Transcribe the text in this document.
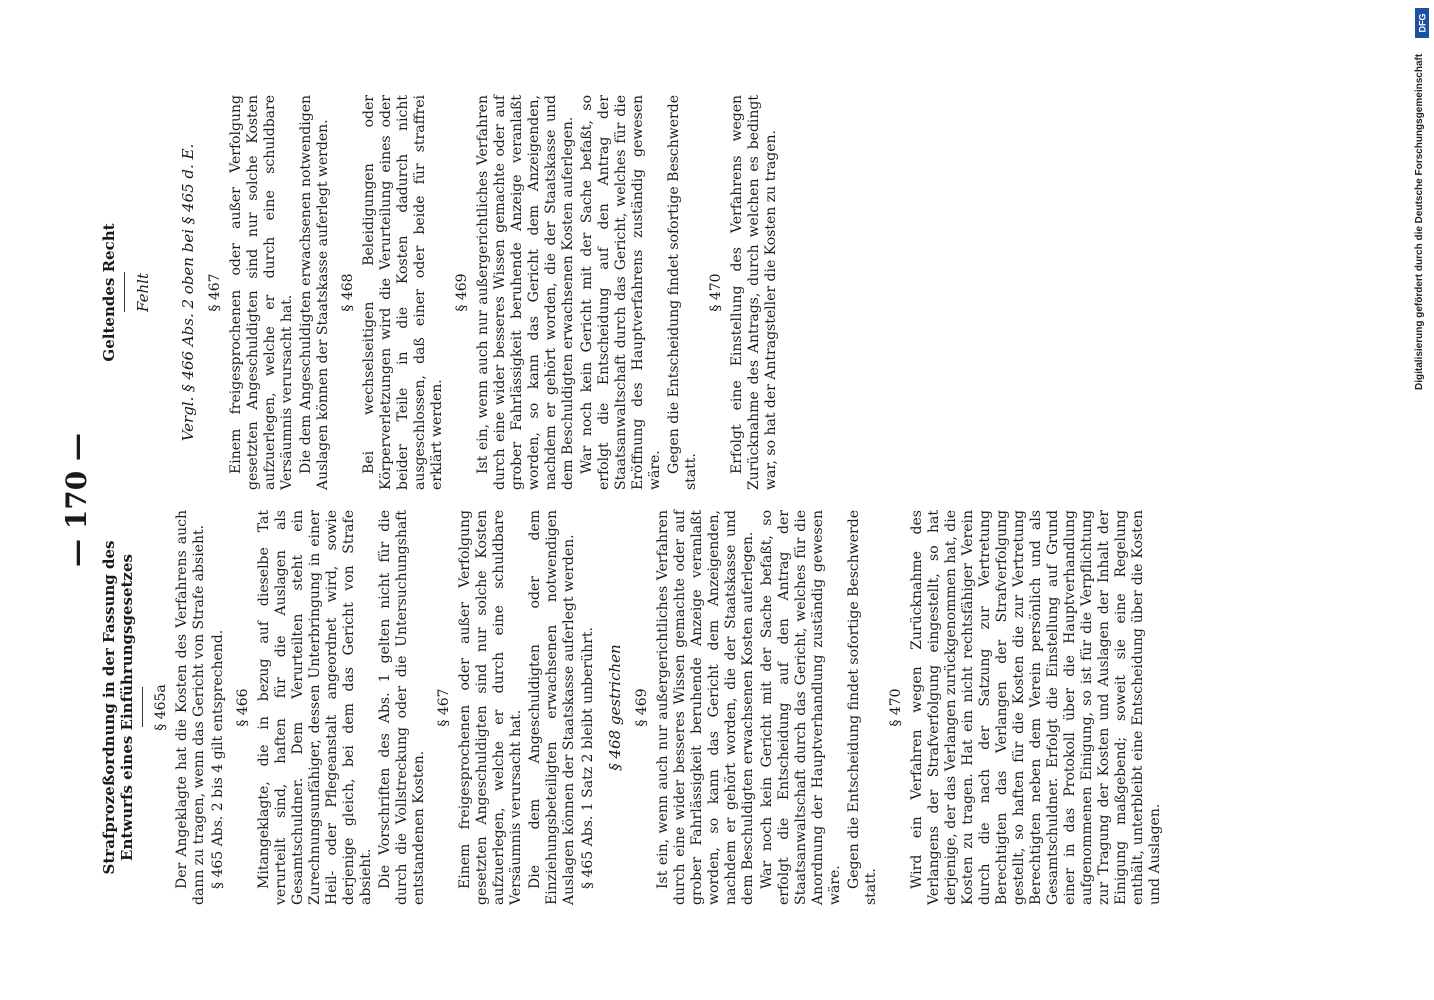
— 170 —
Strafprozeßordnung in der Fassung des Entwurfs eines Einführungsgesetzes § 465a Der Angeklagte hat die Kosten des Verfahrens auch dann zu tragen, wenn das Gericht von Strafe absieht. § 465 Abs. 2 bis 4 gilt entsprechend. § 466 Mitangeklagte, die in bezug auf dieselbe Tat verurteilt sind, haften für die Auslagen als Gesamtschuldner. Dem Verurteilten steht ein Zurechnungsunfähiger, dessen Unterbringung in einer Heil- oder Pflegeanstalt angeordnet wird, sowie derjenige gleich, bei dem das Gericht von Strafe absieht. Die Vorschriften des Abs. 1 gelten nicht für die durch die Vollstreckung oder die Untersuchungshaft entstandenen Kosten.

§ 467 Einem freigesprochenen oder außer Verfolgung gesetzten Angeschuldigten sind nur solche Kosten aufzuerlegen, welche er durch eine schuldbare Versäumnis verursacht hat. Die dem Angeschuldigten oder dem Einziehungsbeteiligten erwachsenen notwendigen Auslagen können der Staatskasse auferlegt werden. § 465 Abs. 1 Satz 2 bleibt unberührt. § 468 gestrichen § 469 Ist ein, wenn auch nur außergerichtliches Verfahren durch eine wider besseres Wissen gemachte oder auf grober Fahrlässigkeit beruhende Anzeige veranlaßt worden, so kann das Gericht dem Anzeigenden, nachdem er gehört worden, die der Staatskasse und dem Beschuldigten erwachsenen Kosten auferlegen. War noch kein Gericht mit der Sache befaßt, so erfolgt die Entscheidung auf den Antrag der Staatsanwaltschaft durch das Gericht, welches für die Anordnung der Hauptverhandlung zuständig gewesen wäre. Gegen die Entscheidung findet sofortige Beschwerde statt.

§ 470 Wird ein Verfahren wegen Zurücknahme des Verlangens der Strafverfolgung eingestellt, so hat derjenige, der das Verlangen zurückgenommen hat, die Kosten zu tragen. Hat ein nicht rechtsfähiger Verein durch die nach der Satzung zur Vertretung Berechtigten das Verlangen der Strafverfolgung gestellt, so haften für die Kosten die zur Vertretung Berechtigten neben dem Verein persönlich und als Gesamtschuldner. Erfolgt die Einstellung auf Grund einer in das Protokoll über die Hauptverhandlung aufgenommenen Einigung, so ist für die Verpflichtung zur Tragung der Kosten und Auslagen der Inhalt der Einigung maßgebend; soweit sie eine Regelung enthält, unterbleibt eine Entscheidung über die Kosten und Auslagen.

Geltendes Recht Fehlt Vergl. § 466 Abs. 2 oben bei § 465 d. E. § 467 Einem freigesprochenen oder außer Verfolgung gesetzten Angeschuldigten sind nur solche Kosten aufzuerlegen, welche er durch eine schuldbare Versäumnis verursacht hat. Die dem Angeschuldigten erwachsenen notwendigen Auslagen können der Staatskasse auferlegt werden. § 468 Bei wechselseitigen Beleidigungen oder Körperverletzungen wird die Verurteilung eines oder beider Teile in die Kosten dadurch nicht ausgeschlossen, daß einer oder beide für straffrei erklärt werden.

§ 469 Ist ein, wenn auch nur außergerichtliches Verfahren durch eine wider besseres Wissen gemachte oder auf grober Fahrlässigkeit beruhende Anzeige veranlaßt worden, so kann das Gericht dem Anzeigenden, nachdem er gehört worden, die der Staatskasse und dem Beschuldigten erwachsenen Kosten auferlegen. War noch kein Gericht mit der Sache befaßt, so erfolgt die Entscheidung auf den Antrag der Staatsanwaltschaft durch das Gericht, welches für die Eröffnung des Hauptverfahrens zuständig gewesen wäre. Gegen die Entscheidung findet sofortige Beschwerde statt.

§ 470 Erfolgt eine Einstellung des Verfahrens wegen Zurücknahme des Antrags, durch welchen es bedingt war, so hat der Antragsteller die Kosten zu tragen.

DFG
Digitalisierung gefördert durch die Deutsche Forschungsgemeinschaft
